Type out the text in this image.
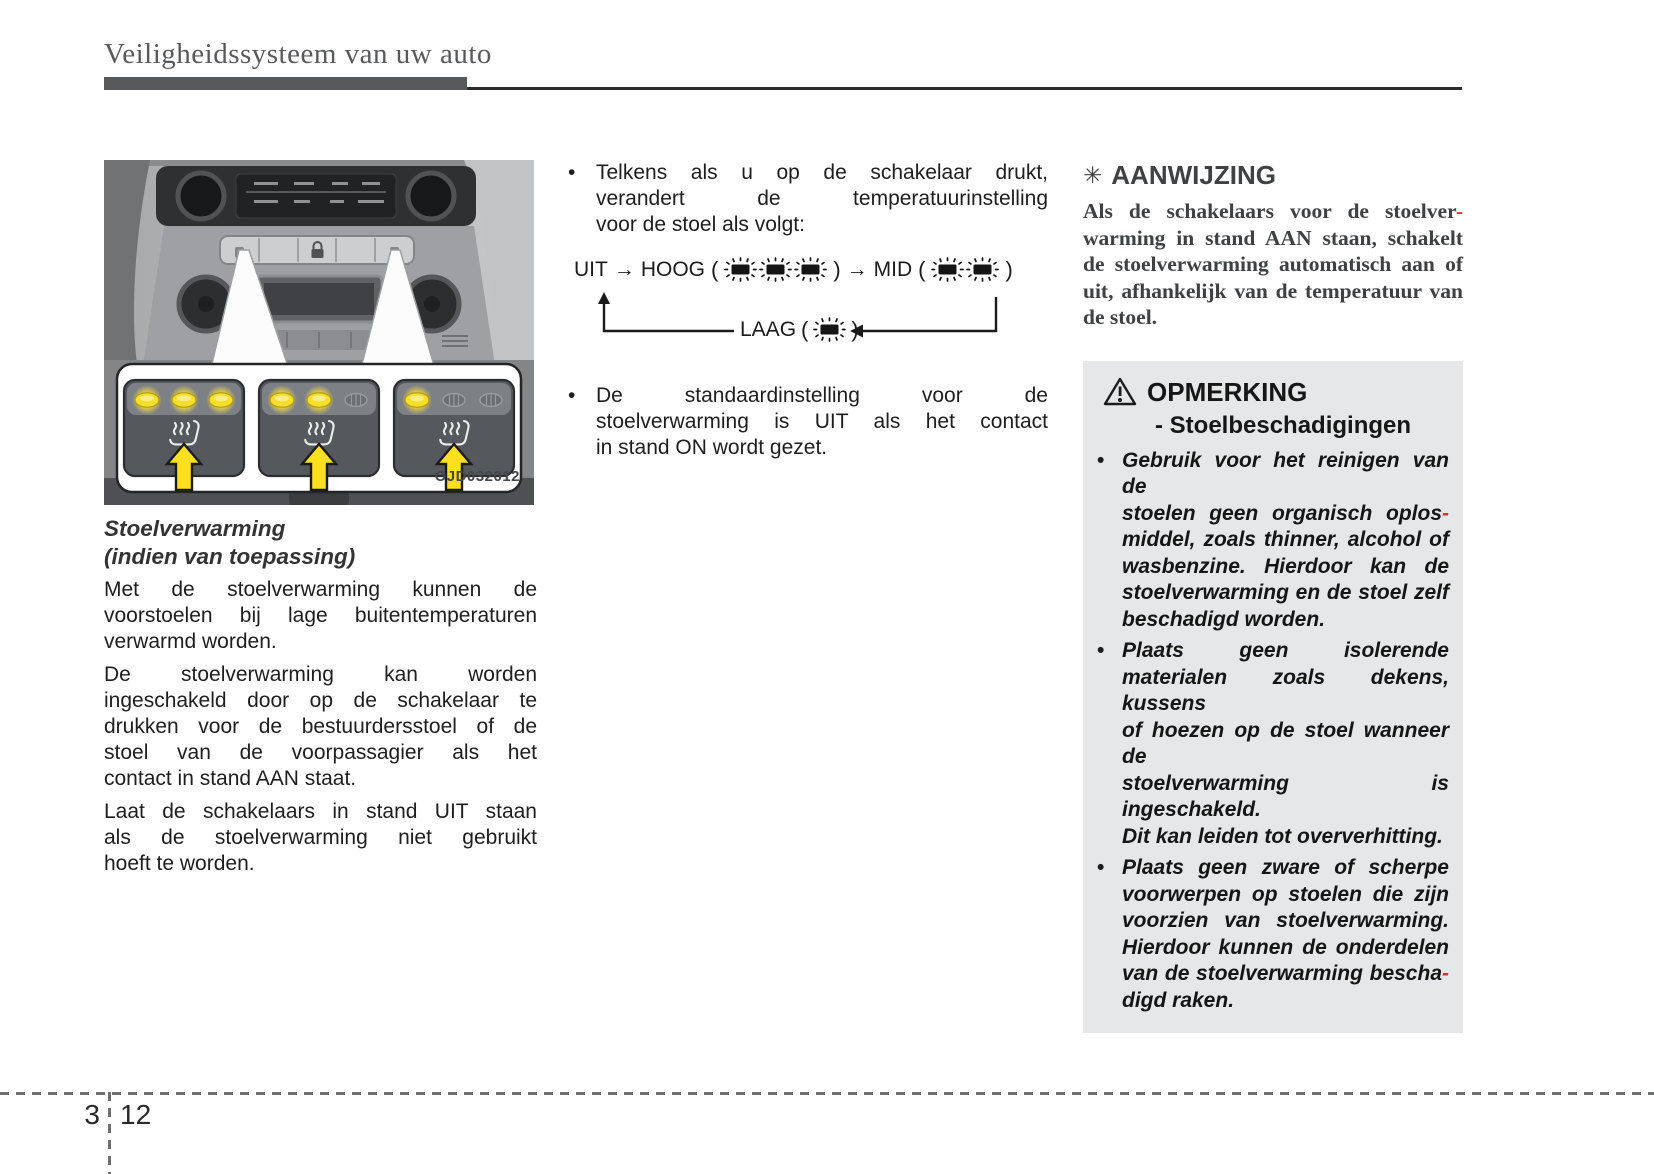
Veiligheidssysteem van uw auto
OJD032012
Stoelverwarming
(indien van toepassing)
Met de stoelverwarming kunnen de
voorstoelen bij lage buitentemperaturen
verwarmd worden.
De stoelverwarming kan worden
ingeschakeld door op de schakelaar te
drukken voor de bestuurdersstoel of de
stoel van de voorpassagier als het
contact in stand AAN staat.
Laat de schakelaars in stand UIT staan
als de stoelverwarming niet gebruikt
hoeft te worden.
• Telkens als u op de schakelaar drukt,
verandert de temperatuurinstelling
voor de stoel als volgt:
UIT → HOOG (	) → MID (	)
LAAG ( )
• De standaardinstelling voor de
stoelverwarming is UIT als het contact
in stand ON wordt gezet.
✳ AANWIJZING
Als de schakelaars voor de stoelver-
warming in stand AAN staan, schakelt
de stoelverwarming automatisch aan of
uit, afhankelijk van de temperatuur van
de stoel.
OPMERKING
- Stoelbeschadigingen
• Gebruik voor het reinigen van de
stoelen geen organisch oplos-
middel, zoals thinner, alcohol of
wasbenzine. Hierdoor kan de
stoelverwarming en de stoel zelf
beschadigd worden.
• Plaats geen isolerende
materialen zoals dekens, kussens
of hoezen op de stoel wanneer de
stoelverwarming is ingeschakeld.
Dit kan leiden tot oververhitting.
• Plaats geen zware of scherpe
voorwerpen op stoelen die zijn
voorzien van stoelverwarming.
Hierdoor kunnen de onderdelen
van de stoelverwarming bescha-
digd raken.
3 12
